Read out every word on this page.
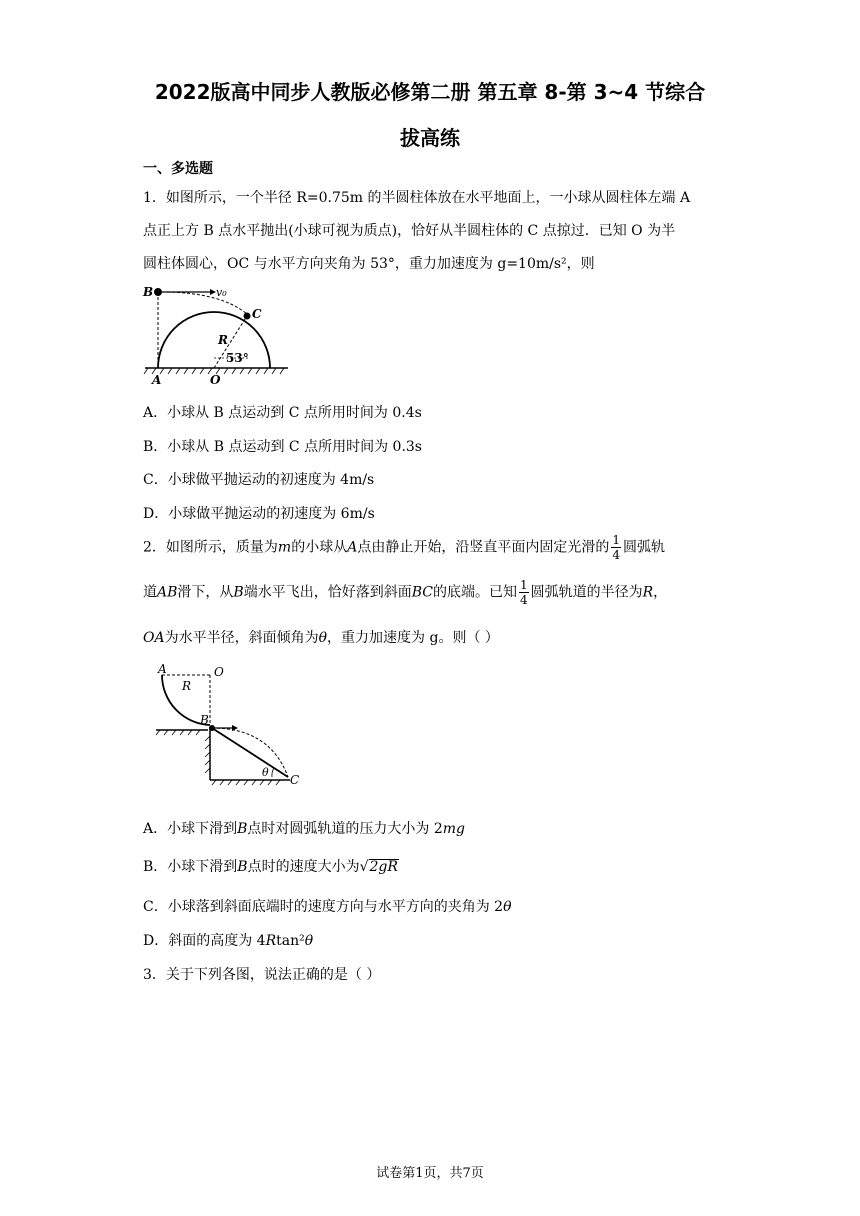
2022版高中同步人教版必修第二册 第五章 8-第 3~4 节综合
拔高练
一、多选题
1．如图所示，一个半径 R=0.75m 的半圆柱体放在水平地面上，一小球从圆柱体左端 A
点正上方 B 点水平抛出(小球可视为质点)，恰好从半圆柱体的 C 点掠过．已知 O 为半
圆柱体圆心，OC 与水平方向夹角为 53°，重力加速度为 g=10m/s²，则
B	v₀
C
R
53°
A	O
A．小球从 B 点运动到 C 点所用时间为 0.4s
B．小球从 B 点运动到 C 点所用时间为 0.3s
C．小球做平抛运动的初速度为 4m/s
D．小球做平抛运动的初速度为 6m/s
2．如图所示，质量为m的小球从A点由静止开始，沿竖直平面内固定光滑的 $\frac{1}{4}$ 圆弧轨
道AB滑下，从B端水平飞出，恰好落到斜面BC的底端。已知 $\frac{1}{4}$ 圆弧轨道的半径为R，
OA为水平半径，斜面倾角为θ，重力加速度为 g。则（ ）
A	O
R
B
θ
C
A．小球下滑到B点时对圆弧轨道的压力大小为 2mg
B．小球下滑到B点时的速度大小为√2gR
C．小球落到斜面底端时的速度方向与水平方向的夹角为 2θ
D．斜面的高度为 4Rtan²θ
3．关于下列各图，说法正确的是（ ）
试卷第1页，共7页
